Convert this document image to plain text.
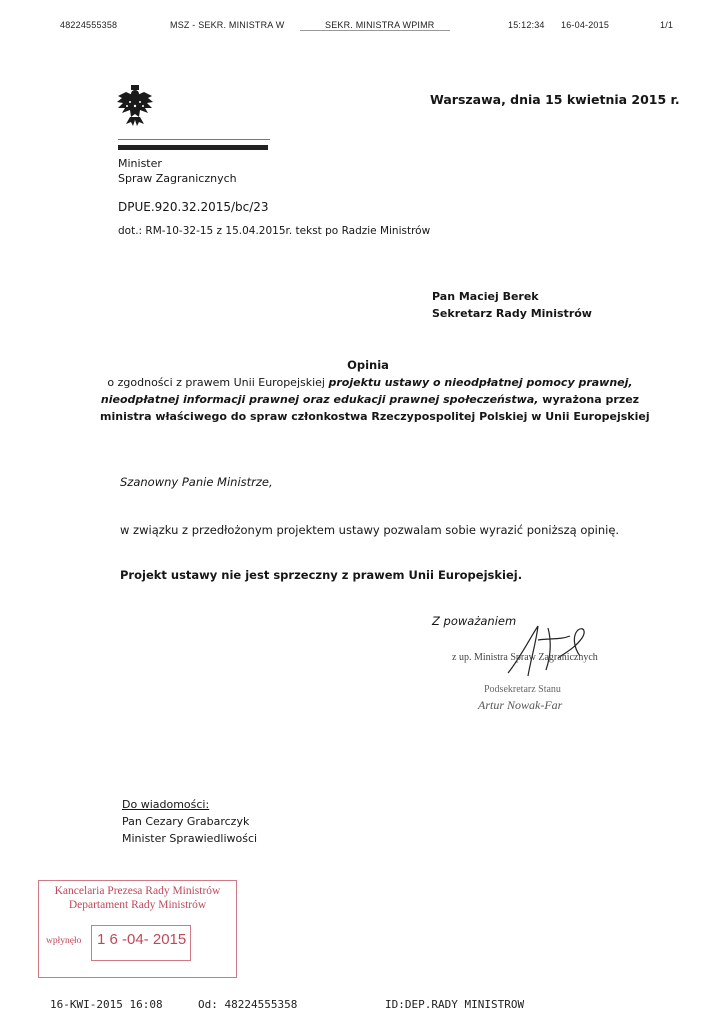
48224555358	MSZ - SEKR. MINISTRA W	SEKR. MINISTRA WPIMR	15:12:34 16-04-2015	1/1
Warszawa, dnia 15 kwietnia 2015 r.
Minister
Spraw Zagranicznych
DPUE.920.32.2015/bc/23
dot.: RM-10-32-15 z 15.04.2015r. tekst po Radzie Ministrów
Pan Maciej Berek
Sekretarz Rady Ministrów
Opinia
o zgodności z prawem Unii Europejskiej projektu ustawy o nieodpłatnej pomocy prawnej,
nieodpłatnej informacji prawnej oraz edukacji prawnej społeczeństwa, wyrażona przez
ministra właściwego do spraw członkostwa Rzeczypospolitej Polskiej w Unii Europejskiej
Szanowny Panie Ministrze,
w związku z przedłożonym projektem ustawy pozwalam sobie wyrazić poniższą opinię.
Projekt ustawy nie jest sprzeczny z prawem Unii Europejskiej.
Z poważaniem
z up. Ministra Spraw Zagranicznych
Podsekretarz Stanu
Artur Nowak-Far
Do wiadomości:
Pan Cezary Grabarczyk
Minister Sprawiedliwości
Kancelaria Prezesa Rady Ministrów
Departament Rady Ministrów
wpłynęło 1 6 -04- 2015
16-KWI-2015 16:08	Od: 48224555358	ID:DEP.RADY MINISTROW
